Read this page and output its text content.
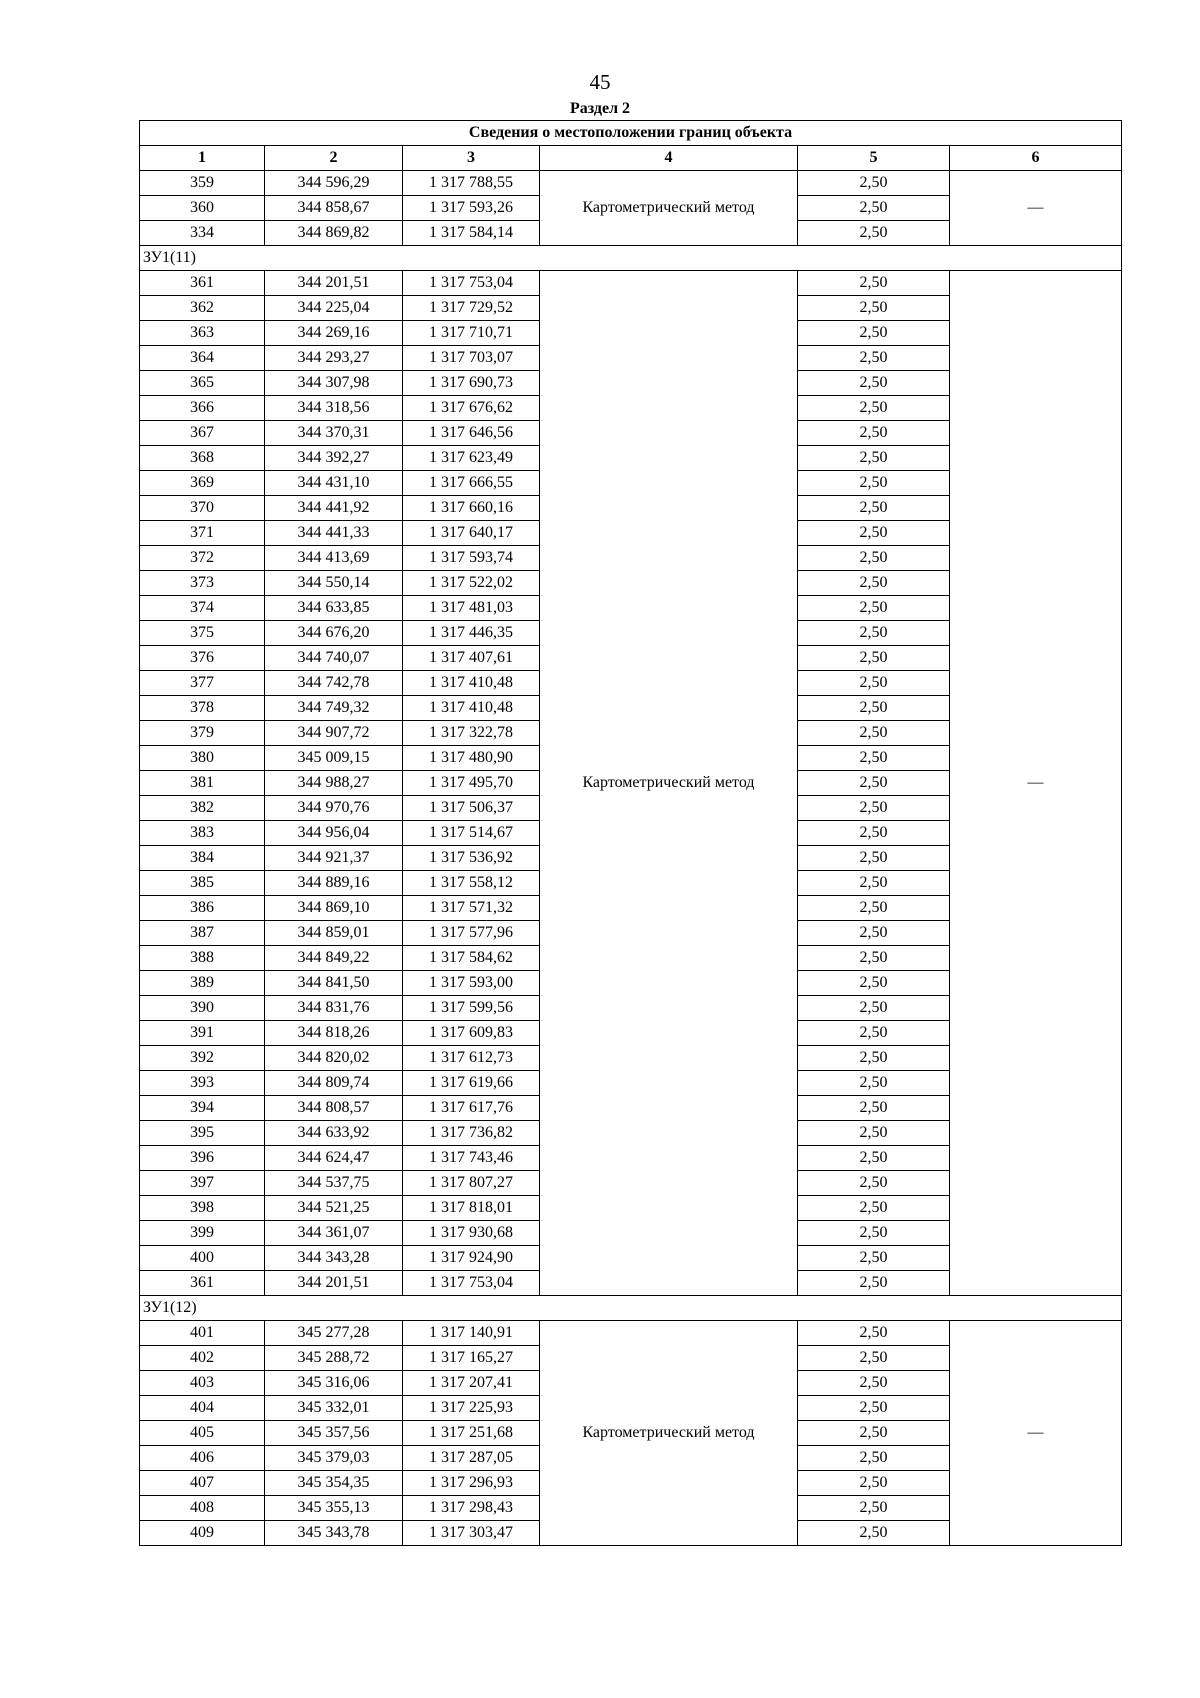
45
Раздел 2
Сведения о местоположении границ объекта					
1	2	3	4	5	6
359	344 596,29	1 317 788,55	Картометрический метод	2,50	—
360	344 858,67	1 317 593,26		2,50	
334	344 869,82	1 317 584,14		2,50	
ЗУ1(11)					
361	344 201,51	1 317 753,04	Картометрический метод	2,50	—
362	344 225,04	1 317 729,52		2,50	
363	344 269,16	1 317 710,71		2,50	
364	344 293,27	1 317 703,07		2,50	
365	344 307,98	1 317 690,73		2,50	
366	344 318,56	1 317 676,62		2,50	
367	344 370,31	1 317 646,56		2,50	
368	344 392,27	1 317 623,49		2,50	
369	344 431,10	1 317 666,55		2,50	
370	344 441,92	1 317 660,16		2,50	
371	344 441,33	1 317 640,17		2,50	
372	344 413,69	1 317 593,74		2,50	
373	344 550,14	1 317 522,02		2,50	
374	344 633,85	1 317 481,03		2,50	
375	344 676,20	1 317 446,35		2,50	
376	344 740,07	1 317 407,61		2,50	
377	344 742,78	1 317 410,48		2,50	
378	344 749,32	1 317 410,48		2,50	
379	344 907,72	1 317 322,78		2,50	
380	345 009,15	1 317 480,90		2,50	
381	344 988,27	1 317 495,70		2,50	
382	344 970,76	1 317 506,37		2,50	
383	344 956,04	1 317 514,67		2,50	
384	344 921,37	1 317 536,92		2,50	
385	344 889,16	1 317 558,12		2,50	
386	344 869,10	1 317 571,32		2,50	
387	344 859,01	1 317 577,96		2,50	
388	344 849,22	1 317 584,62		2,50	
389	344 841,50	1 317 593,00		2,50	
390	344 831,76	1 317 599,56		2,50	
391	344 818,26	1 317 609,83		2,50	
392	344 820,02	1 317 612,73		2,50	
393	344 809,74	1 317 619,66		2,50	
394	344 808,57	1 317 617,76		2,50	
395	344 633,92	1 317 736,82		2,50	
396	344 624,47	1 317 743,46		2,50	
397	344 537,75	1 317 807,27		2,50	
398	344 521,25	1 317 818,01		2,50	
399	344 361,07	1 317 930,68		2,50	
400	344 343,28	1 317 924,90		2,50	
361	344 201,51	1 317 753,04		2,50	
ЗУ1(12)					
401	345 277,28	1 317 140,91	Картометрический метод	2,50	—
402	345 288,72	1 317 165,27		2,50	
403	345 316,06	1 317 207,41		2,50	
404	345 332,01	1 317 225,93		2,50	
405	345 357,56	1 317 251,68		2,50	
406	345 379,03	1 317 287,05		2,50	
407	345 354,35	1 317 296,93		2,50	
408	345 355,13	1 317 298,43		2,50	
409	345 343,78	1 317 303,47		2,50	
